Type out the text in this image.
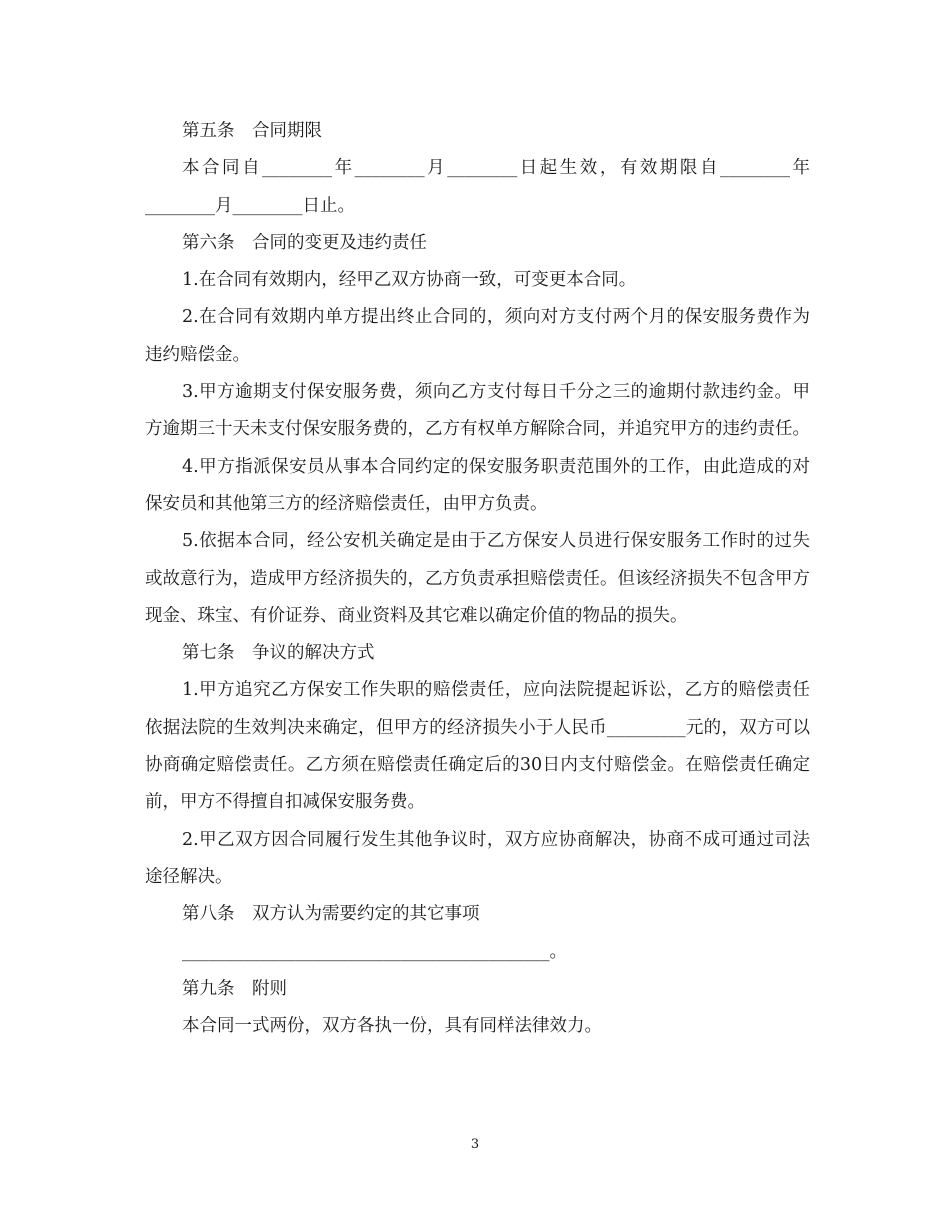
第五条　合同期限

本合同自________年________月________日起生效，有效期限自________年________月________日止。

第六条　合同的变更及违约责任

1.在合同有效期内，经甲乙双方协商一致，可变更本合同。

2.在合同有效期内单方提出终止合同的，须向对方支付两个月的保安服务费作为违约赔偿金。

3.甲方逾期支付保安服务费，须向乙方支付每日千分之三的逾期付款违约金。甲方逾期三十天未支付保安服务费的，乙方有权单方解除合同，并追究甲方的违约责任。

4.甲方指派保安员从事本合同约定的保安服务职责范围外的工作，由此造成的对保安员和其他第三方的经济赔偿责任，由甲方负责。

5.依据本合同，经公安机关确定是由于乙方保安人员进行保安服务工作时的过失或故意行为，造成甲方经济损失的，乙方负责承担赔偿责任。但该经济损失不包含甲方现金、珠宝、有价证券、商业资料及其它难以确定价值的物品的损失。

第七条　争议的解决方式

1.甲方追究乙方保安工作失职的赔偿责任，应向法院提起诉讼，乙方的赔偿责任依据法院的生效判决来确定，但甲方的经济损失小于人民币_________元的，双方可以协商确定赔偿责任。乙方须在赔偿责任确定后的30日内支付赔偿金。在赔偿责任确定前，甲方不得擅自扣减保安服务费。

2.甲乙双方因合同履行发生其他争议时，双方应协商解决，协商不成可通过司法途径解决。

第八条　双方认为需要约定的其它事项

__________________________________________。

第九条　附则

本合同一式两份，双方各执一份，具有同样法律效力。

3
